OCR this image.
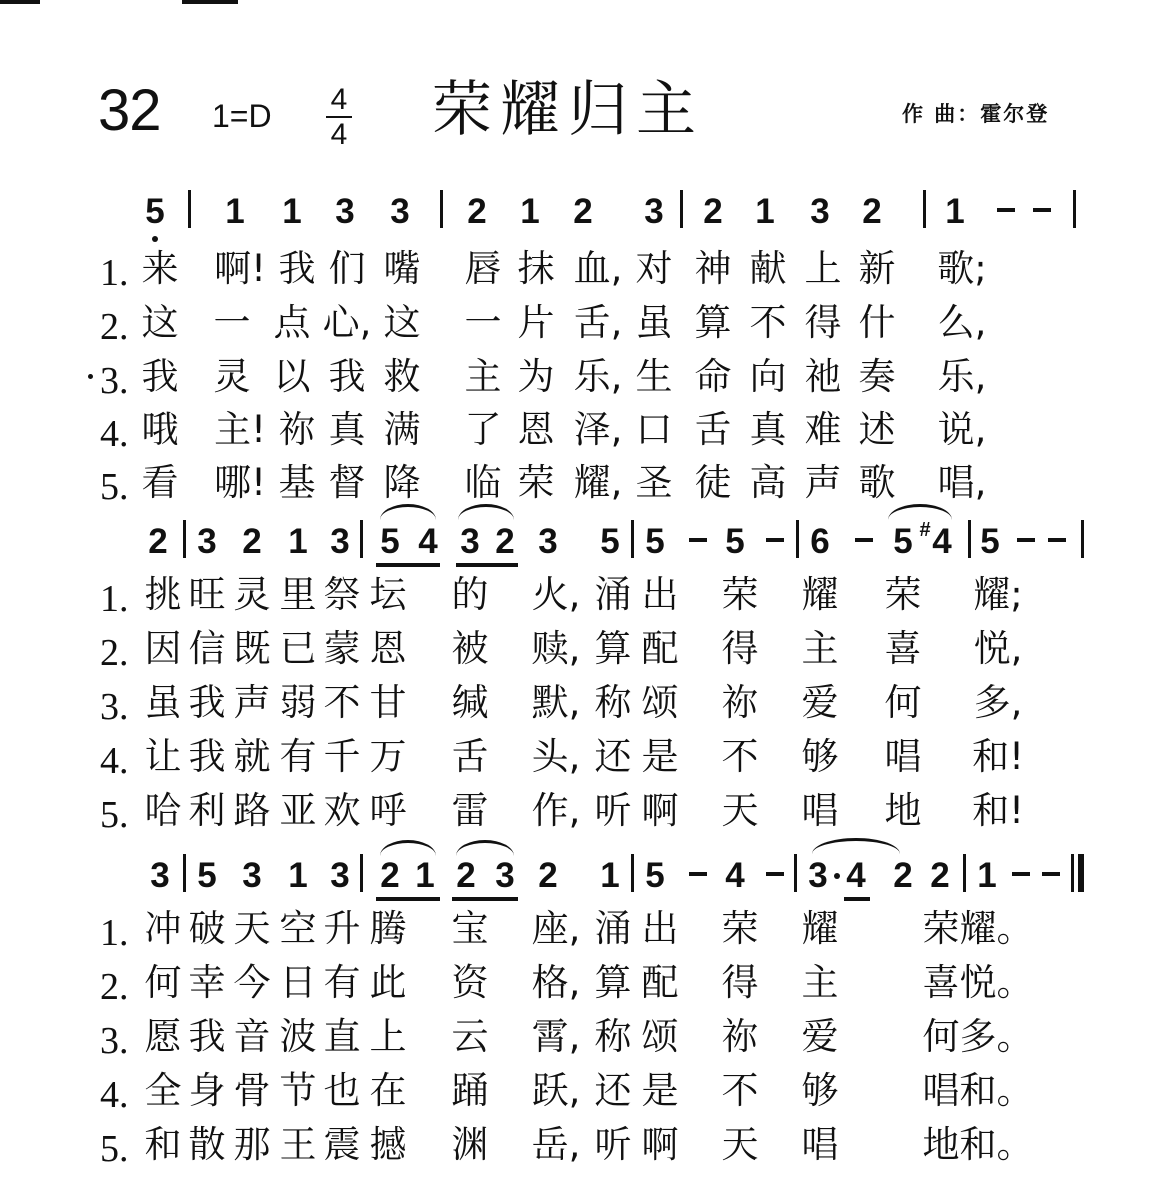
32 1=D 4
4 荣耀归主	作 曲：霍尔登
5 1 1 3 3 2 1 2 3 2 1 3 2 1
1. 来 啊! 我 们 嘴 唇 抹 血, 对 神 献 上 新 歌;
2. 这 一 点 心, 这 一 片 舌, 虽 算 不 得 什 么,
3. 我 灵 以 我 救 主 为 乐, 生 命 向 祂 奏 乐,
4. 哦 主! 祢 真 满 了 恩 泽, 口 舌 真 难 述 说,
5. 看 哪! 基 督 降 临 荣 耀, 圣 徒 高 声 歌 唱,
2 3 2 1 3 5 4 3 2 3 5 5 5 6 5 # 4 5
1. 挑 旺 灵 里 祭 坛 的 火, 涌 出 荣 耀 荣 耀;
2. 因 信 既 已 蒙 恩 被 赎, 算 配 得 主 喜 悦,
3. 虽 我 声 弱 不 甘 缄 默, 称 颂 祢 爱 何 多,
4. 让 我 就 有 千 万 舌 头, 还 是 不 够 唱 和!
5. 哈 利 路 亚 欢 呼 雷 作, 听 啊 天 唱 地 和!
3 5 3 1 3 2 1 2 3 2 1 5 4 3 4 2 2 1
1. 冲 破 天 空 升 腾 宝 座, 涌 出 荣 耀 荣耀。
2. 何 幸 今 日 有 此 资 格, 算 配 得 主 喜悦。
3. 愿 我 音 波 直 上 云 霄, 称 颂 祢 爱 何多。
4. 全 身 骨 节 也 在 踊 跃, 还 是 不 够 唱和。
5. 和 散 那 王 震 撼 渊 岳, 听 啊 天 唱 地和。
